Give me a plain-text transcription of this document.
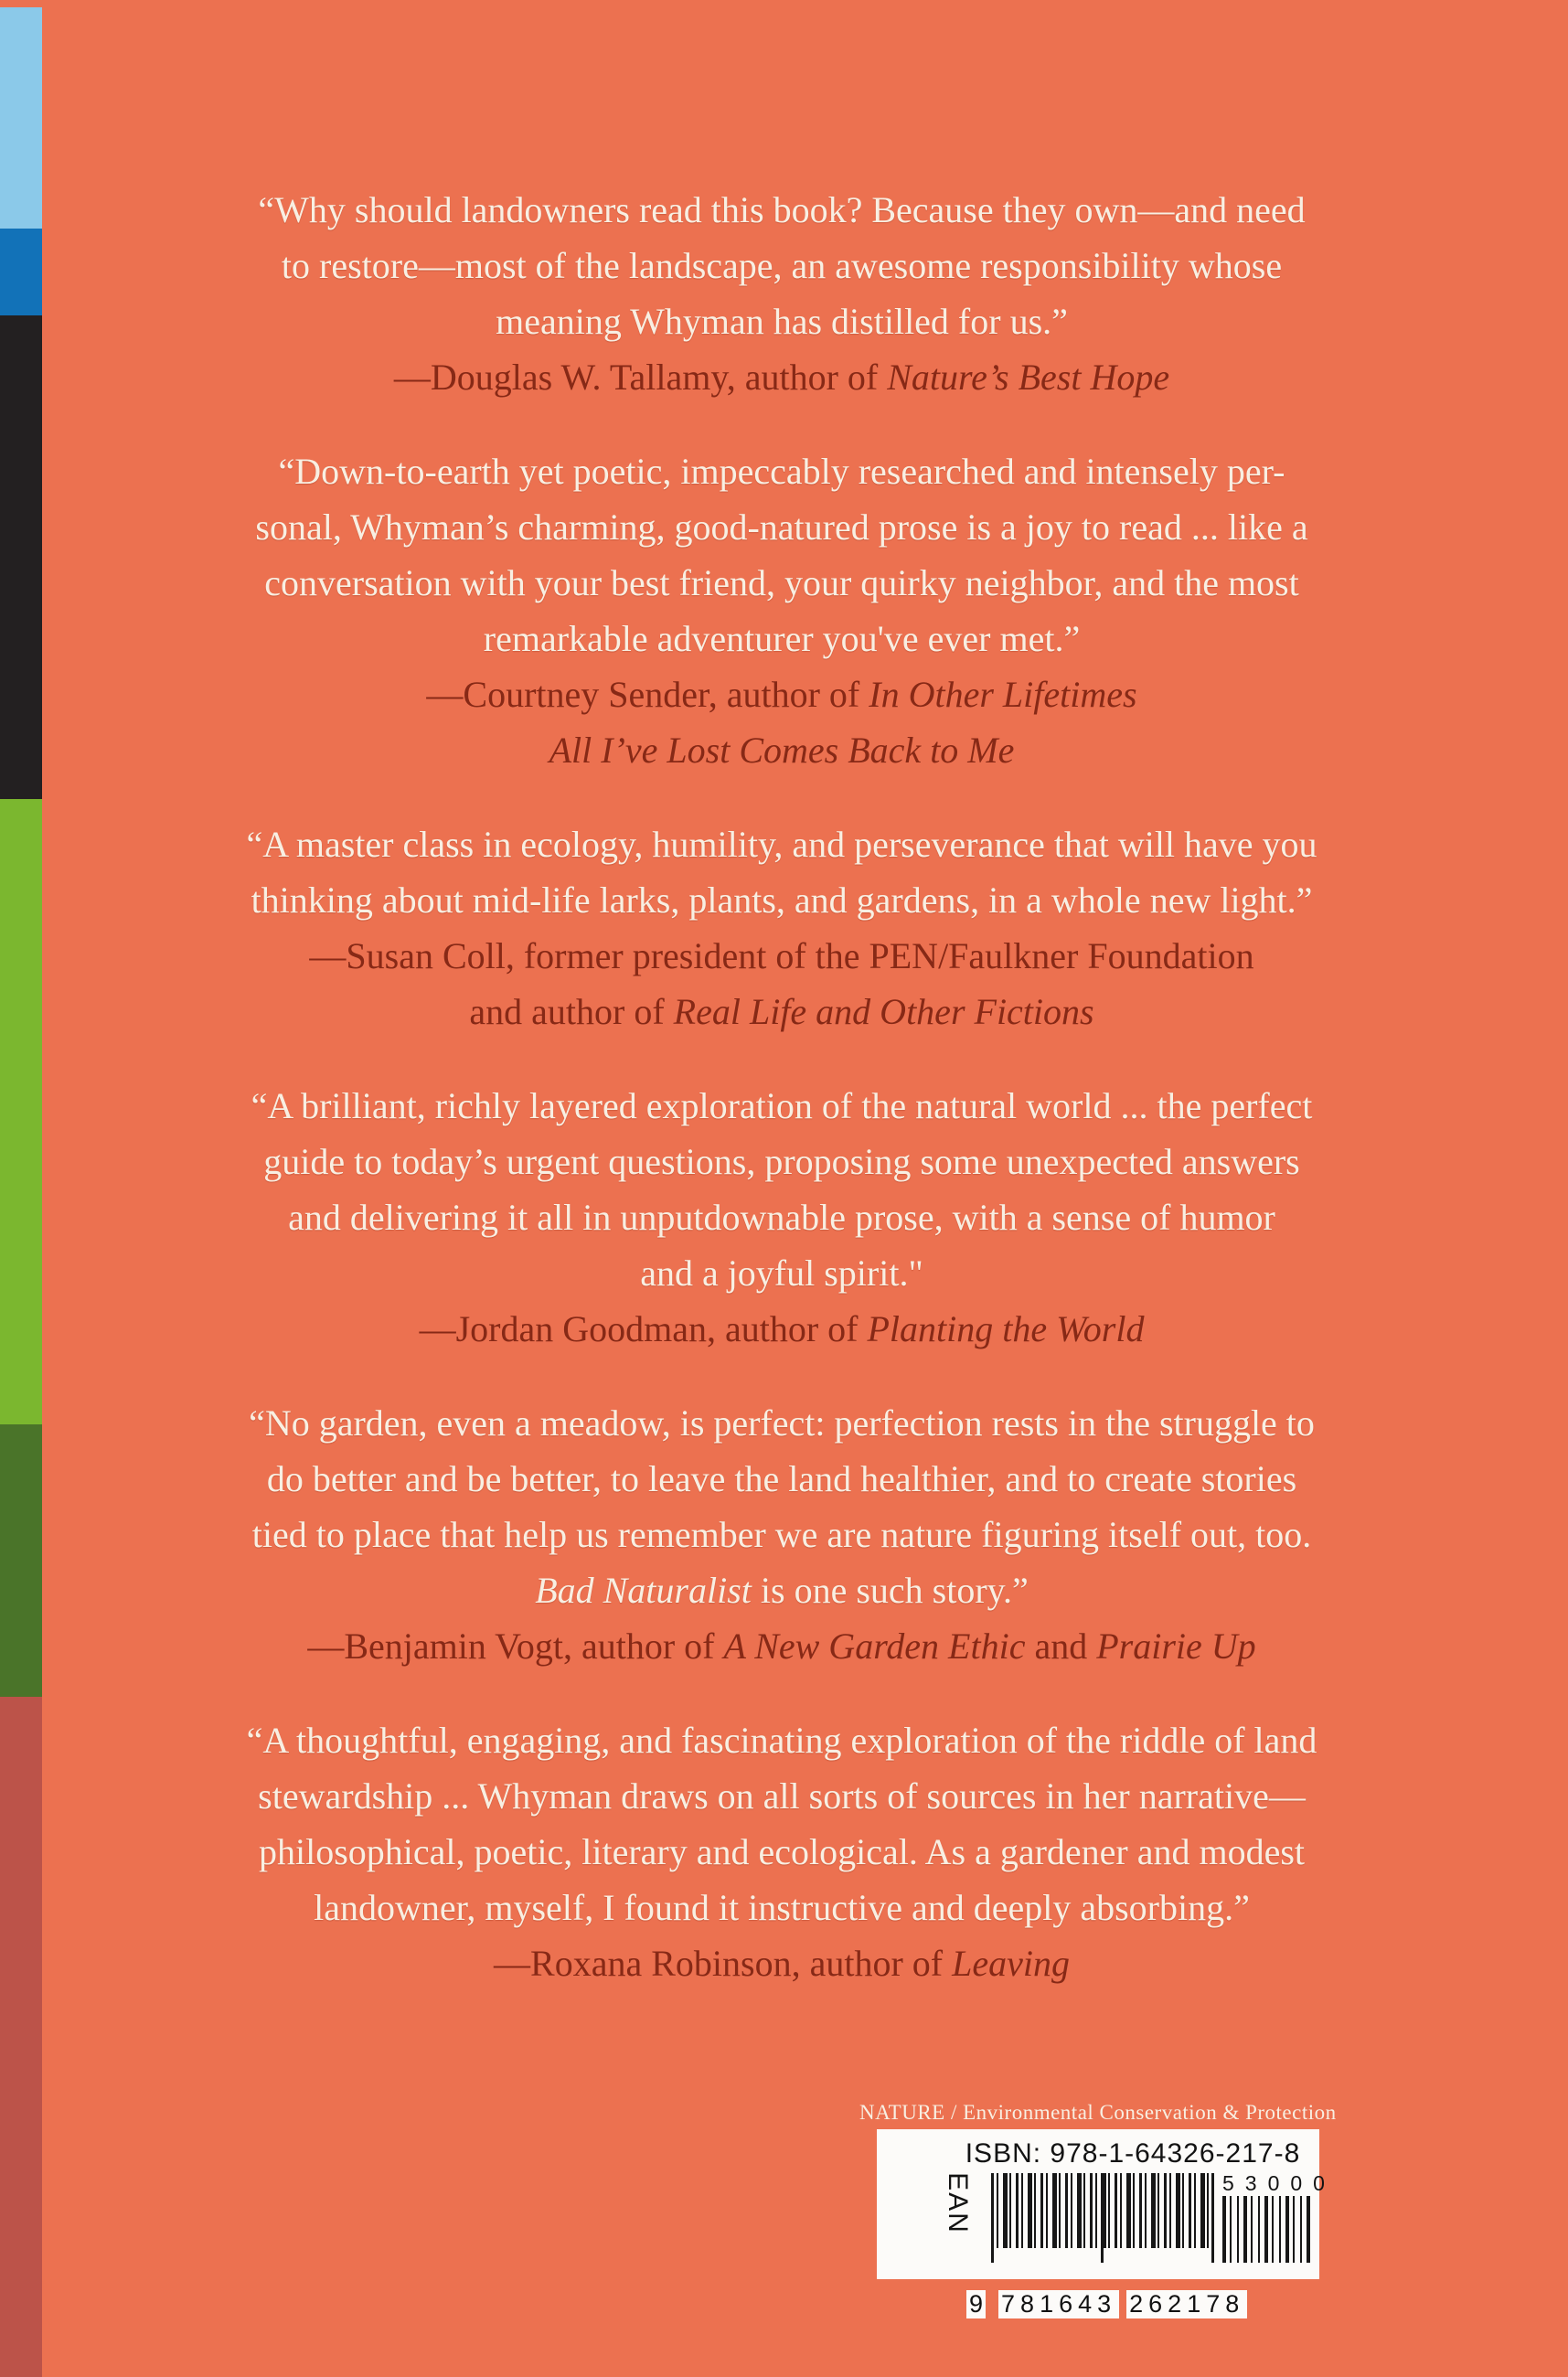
“Why should landowners read this book? Because they own—and need
to restore—most of the landscape, an awesome responsibility whose
meaning Whyman has distilled for us.”
—Douglas W. Tallamy, author of Nature’s Best Hope
“Down-to-earth yet poetic, impeccably researched and intensely per-
sonal, Whyman’s charming, good-natured prose is a joy to read ... like a
conversation with your best friend, your quirky neighbor, and the most
remarkable adventurer you've ever met.”
—Courtney Sender, author of In Other Lifetimes
All I’ve Lost Comes Back to Me
“A master class in ecology, humility, and perseverance that will have you
thinking about mid-life larks, plants, and gardens, in a whole new light.”
—Susan Coll, former president of the PEN/Faulkner Foundation
and author of Real Life and Other Fictions
“A brilliant, richly layered exploration of the natural world ... the perfect
guide to today’s urgent questions, proposing some unexpected answers
and delivering it all in unputdownable prose, with a sense of humor
and a joyful spirit."
—Jordan Goodman, author of Planting the World
“No garden, even a meadow, is perfect: perfection rests in the struggle to
do better and be better, to leave the land healthier, and to create stories
tied to place that help us remember we are nature figuring itself out, too.
Bad Naturalist is one such story.”
—Benjamin Vogt, author of A New Garden Ethic and Prairie Up
“A thoughtful, engaging, and fascinating exploration of the riddle of land
stewardship ... Whyman draws on all sorts of sources in her narrative—
philosophical, poetic, literary and ecological. As a gardener and modest
landowner, myself, I found it instructive and deeply absorbing.”
—Roxana Robinson, author of Leaving
NATURE / Environmental Conservation & Protection
ISBN: 978-1-64326-217-8
EAN
9 781643 262178
53000
